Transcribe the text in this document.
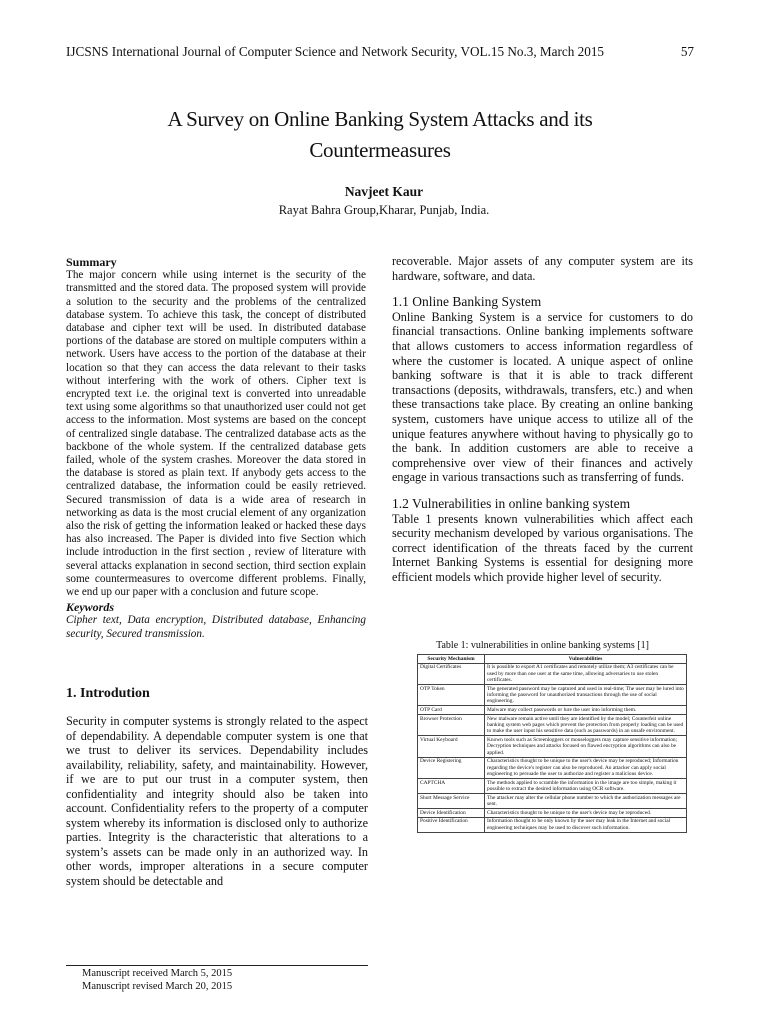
IJCSNS International Journal of Computer Science and Network Security, VOL.15 No.3, March 2015	57
A Survey on Online Banking System Attacks and its
Countermeasures
Navjeet Kaur
Rayat Bahra Group,Kharar, Punjab, India.

Summary

The major concern while using internet is the security of the transmitted and the stored data. The proposed system will provide a solution to the security and the problems of the centralized database system. To achieve this task, the concept of distributed database and cipher text will be used. In distributed database portions of the database are stored on multiple computers within a network. Users have access to the portion of the database at their location so that they can access the data relevant to their tasks without interfering with the work of others. Cipher text is encrypted text i.e. the original text is converted into unreadable text using some algorithms so that unauthorized user could not get access to the information. Most systems are based on the concept of centralized single database. The centralized database acts as the backbone of the whole system. If the centralized database gets failed, whole of the system crashes. Moreover the data stored in the database is stored as plain text. If anybody gets access to the centralized database, the information could be easily retrieved. Secured transmission of data is a wide area of research in networking as data is the most crucial element of any organization also the risk of getting the information leaked or hacked these days has also increased. The Paper is divided into five Section which include introduction in the first section , review of literature with several attacks explanation in second section, third section explain some countermeasures to overcome different problems. Finally, we end up our paper with a conclusion and future scope.

Keywords

Cipher text, Data encryption, Distributed database, Enhancing security, Secured transmission.
1. Introdution
Security in computer systems is strongly related to the aspect of dependability. A dependable computer system is one that we trust to deliver its services. Dependability includes availability, reliability, safety, and maintainability. However, if we are to put our trust in a computer system, then confidentiality and integrity should also be taken into account. Confidentiality refers to the property of a computer system whereby its information is disclosed only to authorize parties. Integrity is the characteristic that alterations to a system’s assets can be made only in an authorized way. In other words, improper alterations in a secure computer system should be detectable and
recoverable. Major assets of any computer system are its hardware, software, and data.

1.1 Online Banking System

Online Banking System is a service for customers to do financial transactions. Online banking implements software that allows customers to access information regardless of where the customer is located. A unique aspect of online banking software is that it is able to track different transactions (deposits, withdrawals, transfers, etc.) and when these transactions take place. By creating an online banking system, customers have unique access to utilize all of the unique features anywhere without having to physically go to the bank. In addition customers are able to receive a comprehensive over view of their finances and actively engage in various transactions such as transferring of funds.

1.2 Vulnerabilities in online banking system

Table 1 presents known vulnerabilities which affect each security mechanism developed by various organisations. The correct identification of the threats faced by the current Internet Banking Systems is essential for designing more efficient models which provide higher level of security.
Table 1: vulnerabilities in online banking systems [1]
Security Mechanism	Vulnerabilities
Digital Certificates	It is possible to export A1 certificates and remotely utilize them; A3 certificates can be used by more than one user at the same time, allowing adversaries to use stolen certificates.
OTP Token	The generated password may be captured and used in real-time; The user may be lured into informing the password for unauthorized transactions through the use of social engineering.
OTP Card	Malware may collect passwords or lure the user into informing them.
Browser Protection	New malware remain active until they are identified by the model; Counterfeit online banking system web pages which prevent the protection from properly loading can be used to make the user input his sensitive data (such as passwords) in an unsafe environment.
Virtual Keyboard	Known tools such as Screenloggers or mouseloggers may capture sensitive information; Decryption techniques and attacks focused on flawed encryption algorithms can also be applied.
Device Registering	Characteristics thought to be unique to the user's device may be reproduced; Information regarding the device's register can also be reproduced. An attacker can apply social engineering to persuade the user to authorize and register a malicious device.
CAPTCHA	The methods applied to scramble the information in the image are too simple, making it possible to extract the desired information using OCR software.
Short Message Service	The attacker may alter the cellular phone number to which the authorization messages are sent.
Device Identification	Characteristics thought to be unique to the user's device may be reproduced.
Positive Identification	Information thought to be only known by the user may leak in the Internet and social engineering techniques may be used to discover such information.
Manuscript received March 5, 2015
Manuscript revised March 20, 2015
